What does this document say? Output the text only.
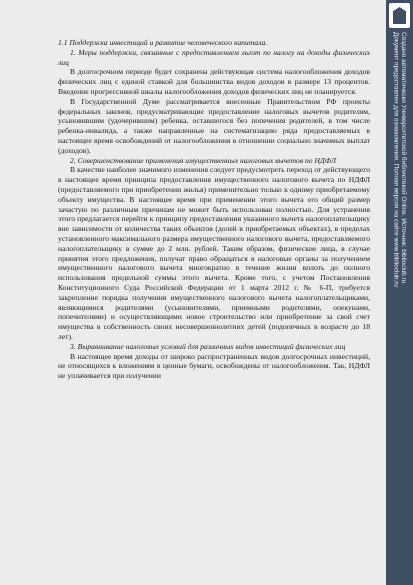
1.1 Поддержка инвестиций и развитие человеческого капитала.

1. Меры поддержки, связанные с предоставлением льгот по налогу на доходы физических лиц

В долгосрочном периоде будет сохранена действующая система налогообложения доходов физических лиц с единой ставкой для большинства видов доходов в размере 13 процентов. Введение прогрессивной шкалы налогообложения доходов физических лиц не планируется.

В Государственной Думе рассматривается внесенные Правительством РФ проекты федеральных законов, предусматривающие предоставление налоговых вычетов родителям, усыновившим (удочерившим) ребенка, оставшегося без попечения родителей, в том числе ребенка-инвалида, а также направленные на систематизацию ряда предоставляемых в настоящее время освобождений от налогообложения в отношении социально значимых выплат (доходов).

2. Совершенствование применения имущественных налоговых вычетов по НДФЛ

В качестве наиболее значимого изменения следует предусмотреть переход от действующего в настоящее время принципа предоставления имущественного налогового вычета по НДФЛ (предоставляемого при приобретении жилья) применительно только к одному приобретаемому объекту имущества. В настоящее время при применении этого вычета его общий размер зачастую по различным причинам не может быть использован полностью. Для устранения этого предлагается перейти к принципу предоставления указанного вычета налогоплательщику вне зависимости от количества таких объектов (долей в приобретаемых объектах), в пределах установленного максимального размера имущественного налогового вычета, предоставляемого налогоплательщику в сумме до 2 млн. рублей. Таким образом, физические лица, в случае принятия этого предложения, получат право обращаться в налоговые органы за получением имущественного налогового вычета многократно в течение жизни вплоть до полного использования предельной суммы этого вычета. Кроме того, с учетом Постановления Конституционного Суда Российской Федерации от 1 марта 2012 г. № 6-П, требуется закрепление порядка получения имущественного налогового вычета налогоплательщиками, являющимися родителями (усыновителями, приемными родителями, опекунами, попечителями) и осуществляющими новое строительство или приобретение за свой счет имущества в собственность своих несовершеннолетних детей (подопечных в возрасте до 18 лет).

3. Выравнивание налоговых условий для различных видов инвестиций физических лиц

В настоящее время доходы от широко распространенных видов долгосрочных инвестиций, не относящихся к вложениям в ценные бумаги, освобождены от налогообложения. Так, НДФЛ не уплачивается при получении

Создано автоматически Университетской библиотекой Online. Источник: biblioclub.ru
Документ предоставлен для ознакомления. Полная версия на сайте www.biblioclub.ru
